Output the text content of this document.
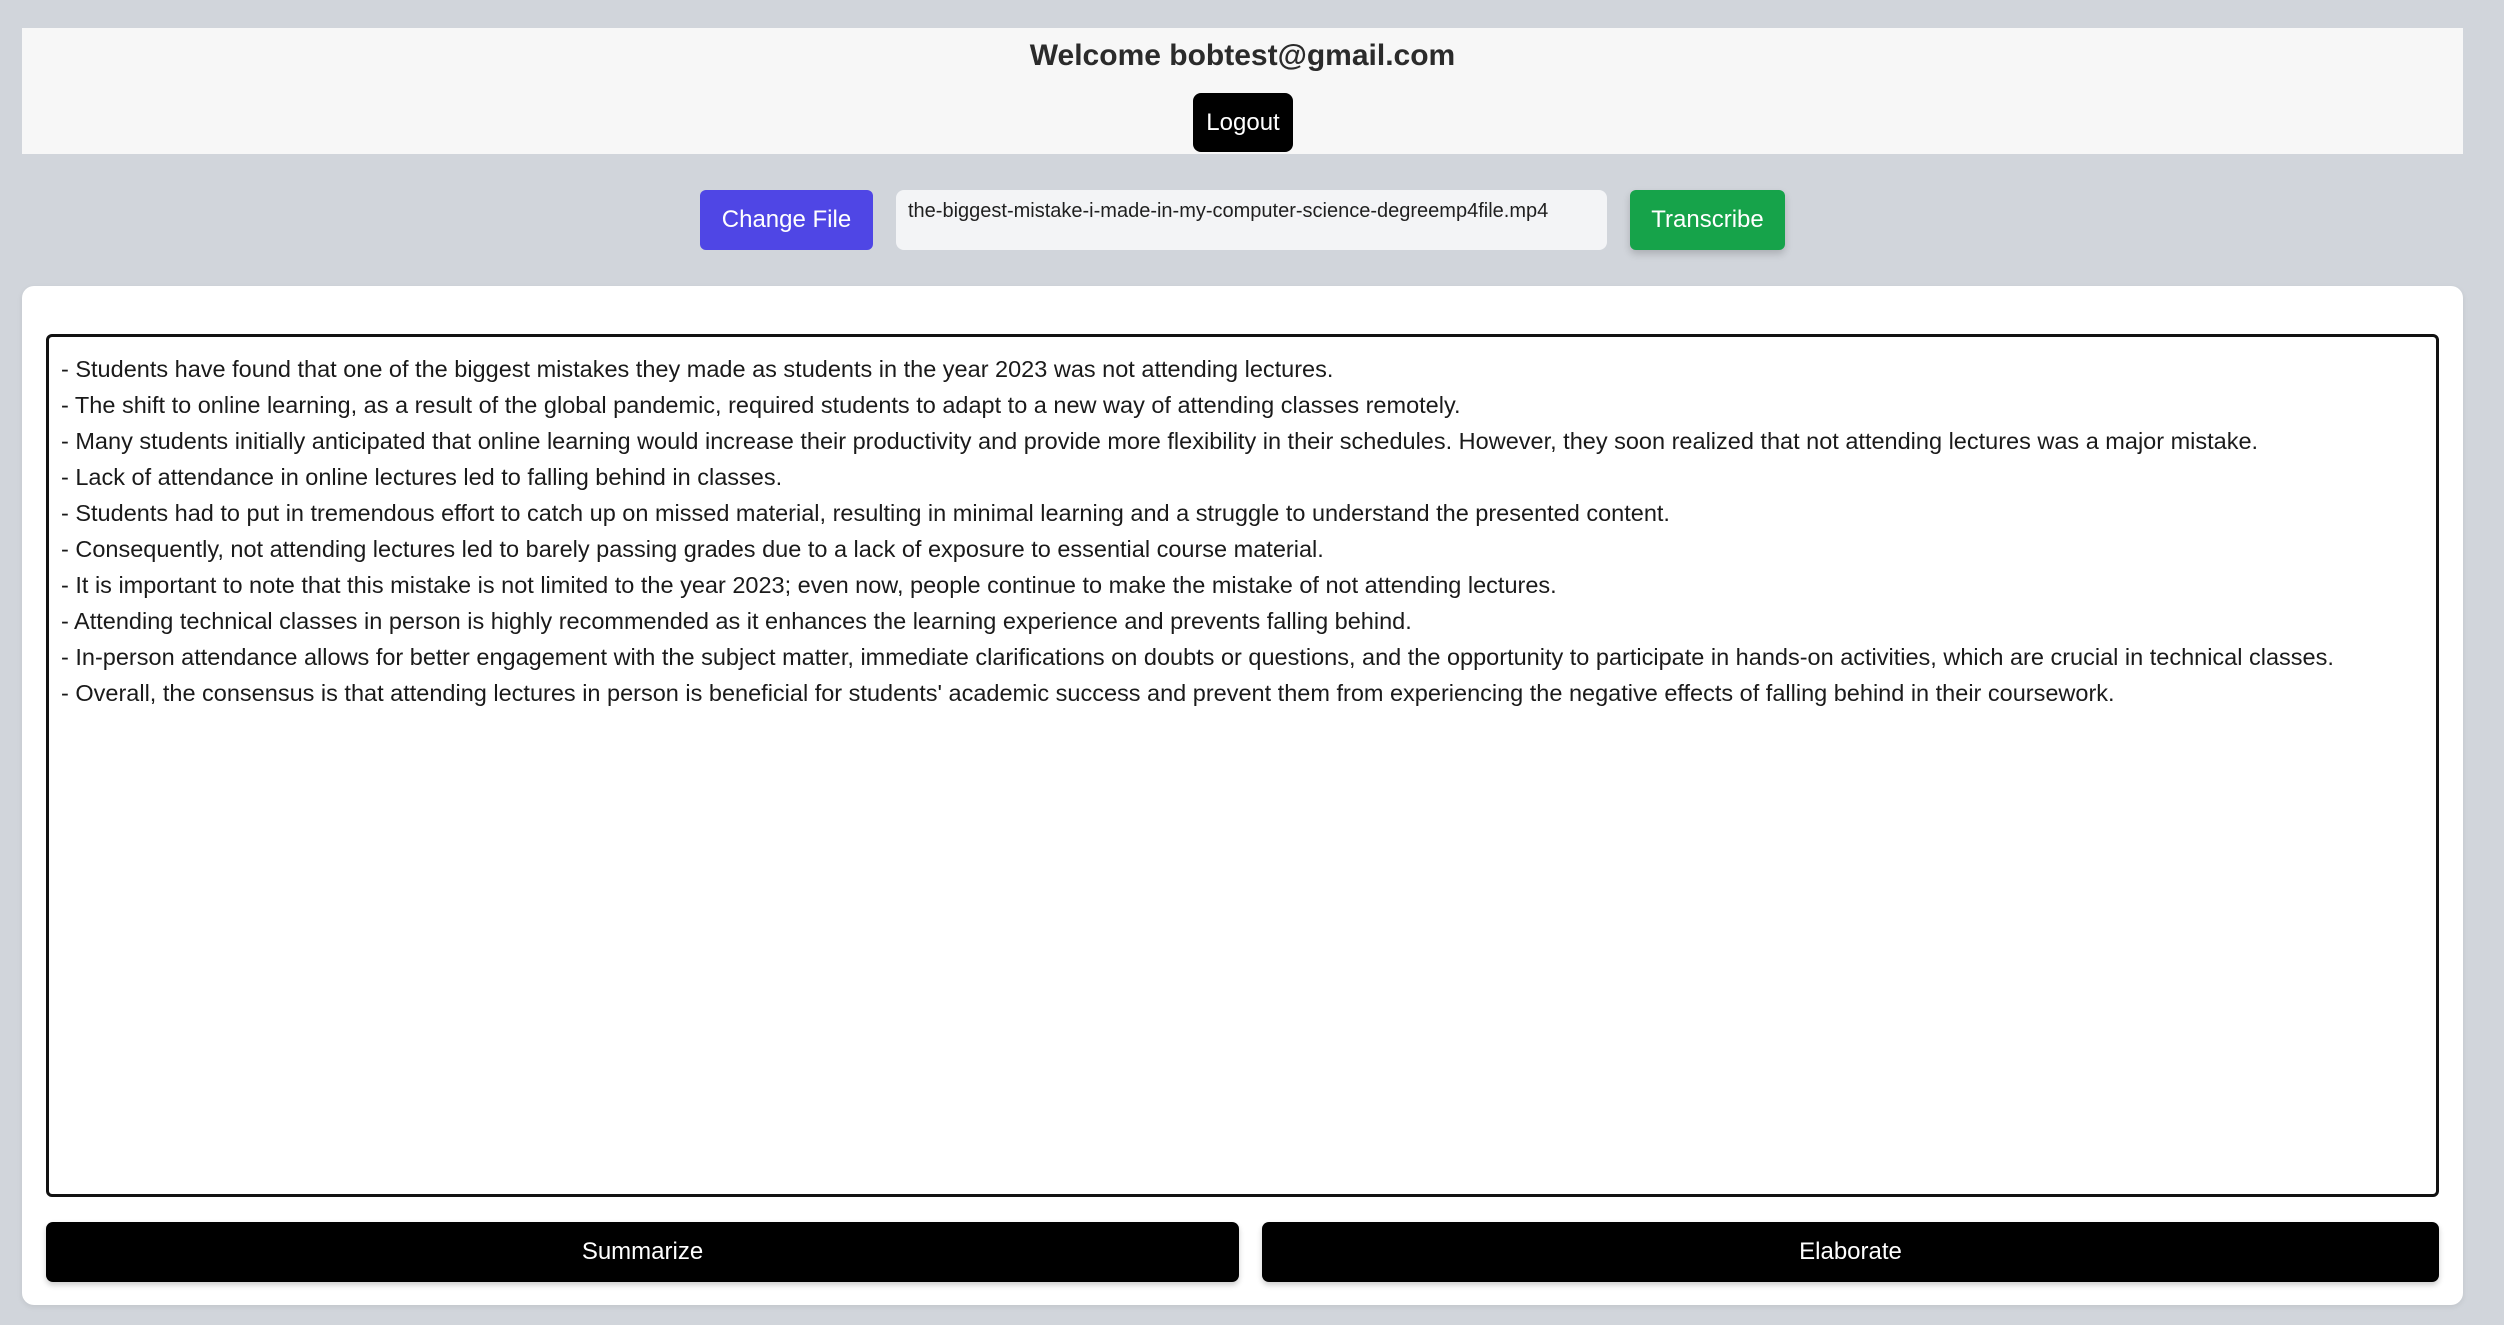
Welcome bobtest@gmail.com
Logout
Change File	the-biggest-mistake-i-made-in-my-computer-science-degreemp4file.mp4	Transcribe
- Students have found that one of the biggest mistakes they made as students in the year 2023 was not attending lectures.
- The shift to online learning, as a result of the global pandemic, required students to adapt to a new way of attending classes remotely.
- Many students initially anticipated that online learning would increase their productivity and provide more flexibility in their schedules. However, they soon realized that not attending lectures was a major mistake.
- Lack of attendance in online lectures led to falling behind in classes.
- Students had to put in tremendous effort to catch up on missed material, resulting in minimal learning and a struggle to understand the presented content.
- Consequently, not attending lectures led to barely passing grades due to a lack of exposure to essential course material.
- It is important to note that this mistake is not limited to the year 2023; even now, people continue to make the mistake of not attending lectures.
- Attending technical classes in person is highly recommended as it enhances the learning experience and prevents falling behind.
- In-person attendance allows for better engagement with the subject matter, immediate clarifications on doubts or questions, and the opportunity to participate in hands-on activities, which are crucial in technical classes.
- Overall, the consensus is that attending lectures in person is beneficial for students' academic success and prevent them from experiencing the negative effects of falling behind in their coursework.
Summarize	Elaborate
